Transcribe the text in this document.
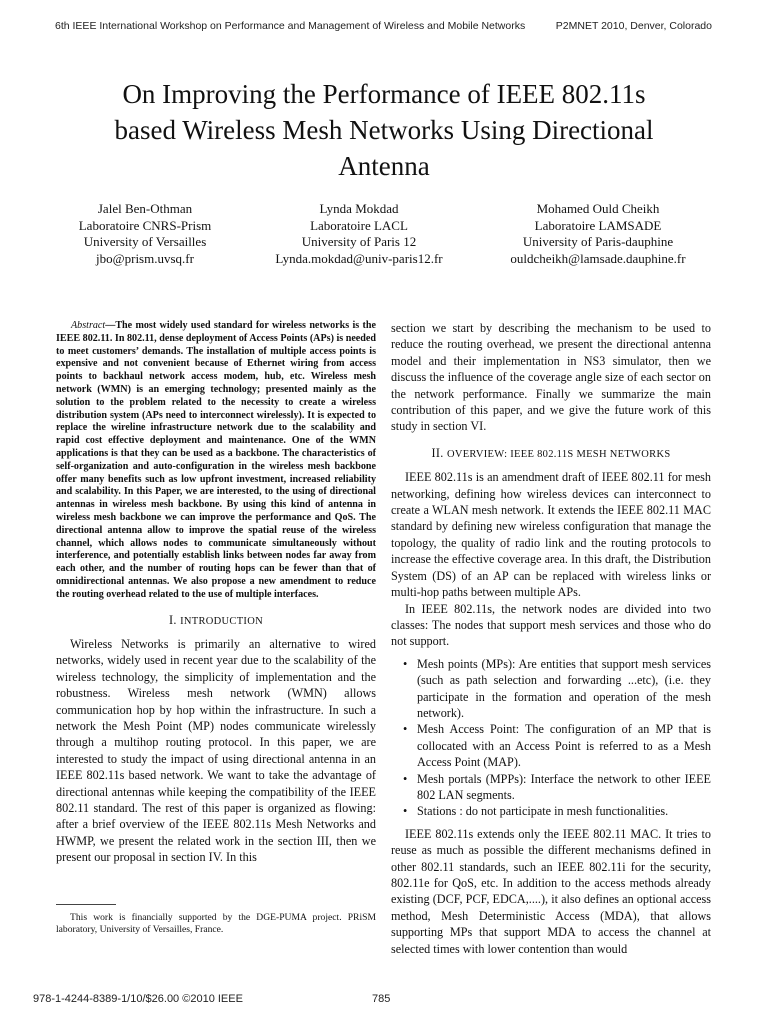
6th IEEE International Workshop on Performance and Management of Wireless and Mobile Networks	P2MNET 2010, Denver, Colorado
On Improving the Performance of IEEE 802.11s
based Wireless Mesh Networks Using Directional
Antenna
Jalel Ben-Othman
Laboratoire CNRS-Prism
University of Versailles
jbo@prism.uvsq.fr
Lynda Mokdad
Laboratoire LACL
University of Paris 12
Lynda.mokdad@univ-paris12.fr
Mohamed Ould Cheikh
Laboratoire LAMSADE
University of Paris-dauphine
ouldcheikh@lamsade.dauphine.fr

Abstract—The most widely used standard for wireless networks is the IEEE 802.11. In 802.11, dense deployment of Access Points (APs) is needed to meet customers’ demands. The installation of multiple access points is expensive and not convenient because of Ethernet wiring from access points to backhaul network access modem, hub, etc. Wireless mesh network (WMN) is an emerging technology; presented mainly as the solution to the problem related to the necessity to create a wireless distribution system (APs need to interconnect wirelessly). It is expected to replace the wireline infrastructure network due to the scalability and rapid cost effective deployment and maintenance. One of the WMN applications is that they can be used as a backbone. The characteristics of self-organization and auto-configuration in the wireless mesh backbone offer many benefits such as low upfront investment, increased reliability and scalability. In this Paper, we are interested, to the using of directional antennas in wireless mesh backbone. By using this kind of antenna in wireless mesh backbone we can improve the performance and QoS. The directional antenna allow to improve the spatial reuse of the wireless channel, which allows nodes to communicate simultaneously without interference, and potentially establish links between nodes far away from each other, and the number of routing hops can be fewer than that of omnidirectional antennas. We also propose a new amendment to reduce the routing overhead related to the use of multiple interfaces.

I. INTRODUCTION

Wireless Networks is primarily an alternative to wired networks, widely used in recent year due to the scalability of the wireless technology, the simplicity of implementation and the robustness. Wireless mesh network (WMN) allows communication hop by hop within the infrastructure. In such a network the Mesh Point (MP) nodes communicate wirelessly through a multihop routing protocol. In this paper, we are interested to study the impact of using directional antenna in an IEEE 802.11s based network. We want to take the advantage of directional antennas while keeping the compatibility of the IEEE 802.11 standard. The rest of this paper is organized as flowing: after a brief overview of the IEEE 802.11s Mesh Networks and HWMP, we present the related work in the section III, then we present our proposal in section IV. In this

This work is financially supported by the DGE-PUMA project. PRiSM laboratory, University of Versailles, France.

section we start by describing the mechanism to be used to reduce the routing overhead, we present the directional antenna model and their implementation in NS3 simulator, then we discuss the influence of the coverage angle size of each sector on the network performance. Finally we summarize the main contribution of this paper, and we give the future work of this study in section VI.

II. OVERVIEW: IEEE 802.11S MESH NETWORKS

IEEE 802.11s is an amendment draft of IEEE 802.11 for mesh networking, defining how wireless devices can interconnect to create a WLAN mesh network. It extends the IEEE 802.11 MAC standard by defining new wireless configuration that manage the topology, the quality of radio link and the routing protocols to increase the effective coverage area. In this draft, the Distribution System (DS) of an AP can be replaced with wireless links or multi-hop paths between multiple APs.

In IEEE 802.11s, the network nodes are divided into two classes: The nodes that support mesh services and those who do not support.

• Mesh points (MPs): Are entities that support mesh services (such as path selection and forwarding ...etc), (i.e. they participate in the formation and operation of the mesh network).
• Mesh Access Point: The configuration of an MP that is collocated with an Access Point is referred to as a Mesh Access Point (MAP).
• Mesh portals (MPPs): Interface the network to other IEEE 802 LAN segments.
• Stations : do not participate in mesh functionalities.

IEEE 802.11s extends only the IEEE 802.11 MAC. It tries to reuse as much as possible the different mechanisms defined in other 802.11 standards, such an IEEE 802.11i for the security, 802.11e for QoS, etc. In addition to the access methods already existing (DCF, PCF, EDCA,....), it also defines an optional access method, Mesh Deterministic Access (MDA), that allows supporting MPs that support MDA to access the channel at selected times with lower contention than would

978-1-4244-8389-1/10/$26.00 ©2010 IEEE	785
